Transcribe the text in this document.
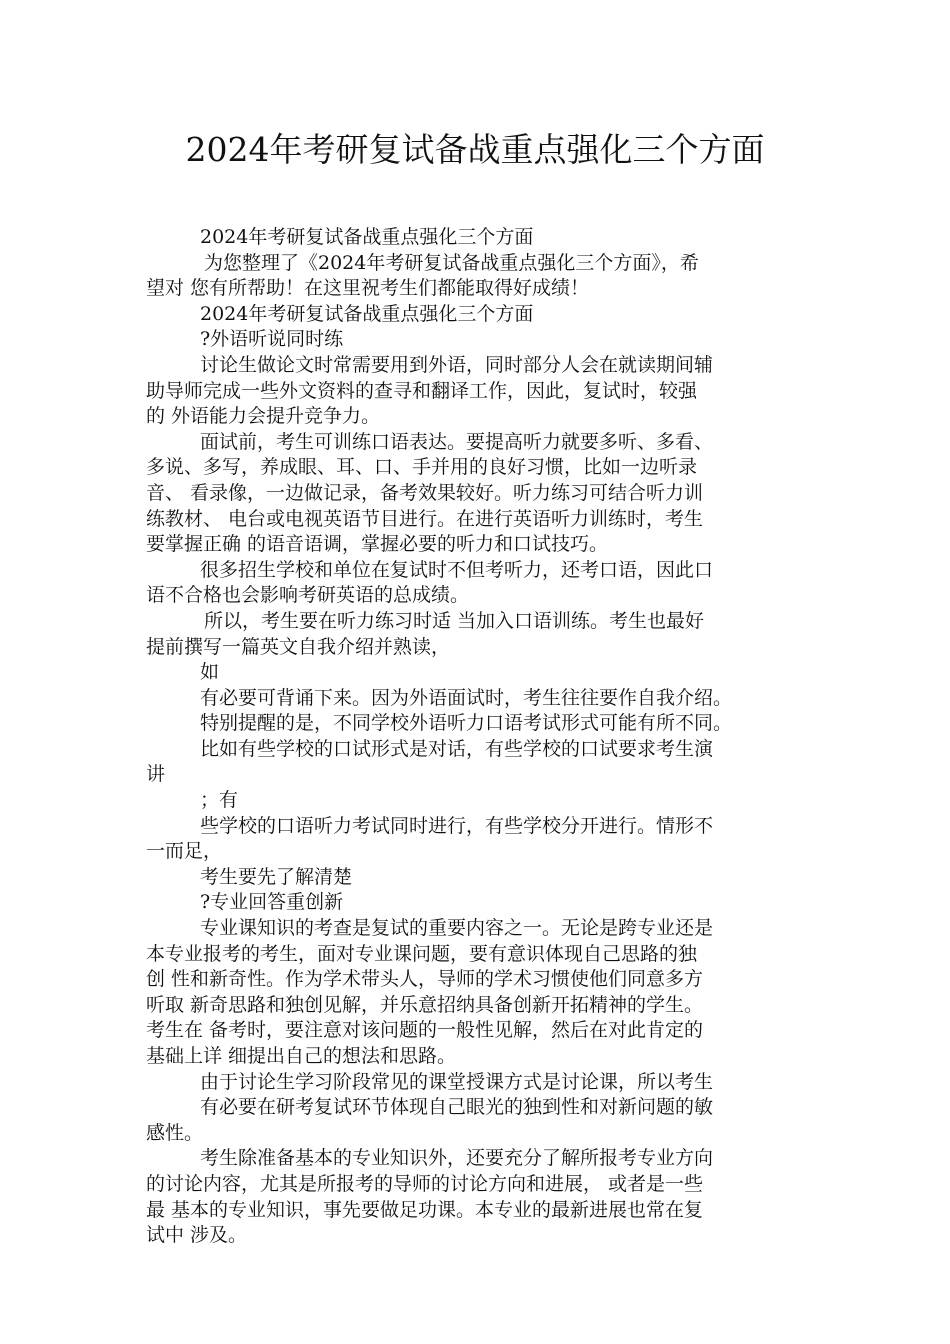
2024年考研复试备战重点强化三个方面
2024年考研复试备战重点强化三个方面
为您整理了《2024年考研复试备战重点强化三个方面》，希
望对 您有所帮助！在这里祝考生们都能取得好成绩！
2024年考研复试备战重点强化三个方面
?外语听说同时练
讨论生做论文时常需要用到外语，同时部分人会在就读期间辅
助导师完成一些外文资料的查寻和翻译工作，因此，复试时，较强
的 外语能力会提升竞争力。
面试前，考生可训练口语表达。要提高听力就要多听、多看、
多说、多写，养成眼、耳、口、手并用的良好习惯，比如一边听录
音、 看录像，一边做记录，备考效果较好。听力练习可结合听力训
练教材、 电台或电视英语节目进行。在进行英语听力训练时，考生
要掌握正确 的语音语调，掌握必要的听力和口试技巧。
很多招生学校和单位在复试时不但考听力，还考口语，因此口
语不合格也会影响考研英语的总成绩。
所以，考生要在听力练习时适 当加入口语训练。考生也最好
提前撰写一篇英文自我介绍并熟读，
如
有必要可背诵下来。因为外语面试时，考生往往要作自我介绍。
特别提醒的是，不同学校外语听力口语考试形式可能有所不同。
比如有些学校的口试形式是对话，有些学校的口试要求考生演
讲
；有
些学校的口语听力考试同时进行，有些学校分开进行。情形不
一而足，
考生要先了解清楚
?专业回答重创新
专业课知识的考查是复试的重要内容之一。无论是跨专业还是
本专业报考的考生，面对专业课问题，要有意识体现自己思路的独
创 性和新奇性。作为学术带头人，导师的学术习惯使他们同意多方
听取 新奇思路和独创见解，并乐意招纳具备创新开拓精神的学生。
考生在 备考时，要注意对该问题的一般性见解，然后在对此肯定的
基础上详 细提出自己的想法和思路。
由于讨论生学习阶段常见的课堂授课方式是讨论课，所以考生
有必要在研考复试环节体现自己眼光的独到性和对新问题的敏
感性。
考生除准备基本的专业知识外，还要充分了解所报考专业方向
的讨论内容，尤其是所报考的导师的讨论方向和进展， 或者是一些
最 基本的专业知识，事先要做足功课。本专业的最新进展也常在复
试中 涉及。
